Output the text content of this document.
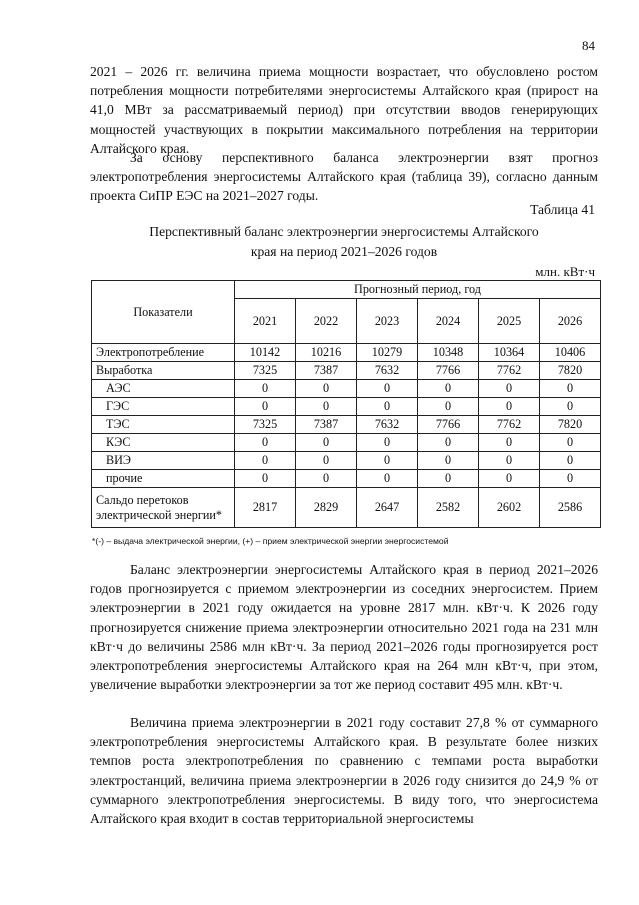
84

2021 – 2026 гг. величина приема мощности возрастает, что обусловлено ростом потребления мощности потребителями энергосистемы Алтайского края (прирост на 41,0 МВт за рассматриваемый период) при отсутствии вводов генерирующих мощностей участвующих в покрытии максимального потребления на территории Алтайского края.

За основу перспективного баланса электроэнергии взят прогноз электропотребления энергосистемы Алтайского края (таблица 39), согласно данным проекта СиПР ЕЭС на 2021–2027 годы.

Таблица 41
Перспективный баланс электроэнергии энергосистемы Алтайского
края на период 2021–2026 годов
млн. кВт·ч
Показатели	Прогнозный период, год					
	2021	2022	2023	2024	2025	2026
Электропотребление	10142	10216	10279	10348	10364	10406
Выработка	7325	7387	7632	7766	7762	7820
АЭС	0	0	0	0	0	0
ГЭС	0	0	0	0	0	0
ТЭС	7325	7387	7632	7766	7762	7820
КЭС	0	0	0	0	0	0
ВИЭ	0	0	0	0	0	0
прочие	0	0	0	0	0	0
Сальдо перетоков
электрической энергии*	2817	2829	2647	2582	2602	2586
*(-) – выдача электрической энергии, (+) – прием электрической энергии энергосистемой

Баланс электроэнергии энергосистемы Алтайского края в период 2021–2026 годов прогнозируется с приемом электроэнергии из соседних энергосистем. Прием электроэнергии в 2021 году ожидается на уровне 2817 млн. кВт·ч. К 2026 году прогнозируется снижение приема электроэнергии относительно 2021 года на 231 млн кВт·ч до величины 2586 млн кВт·ч. За период 2021–2026 годы прогнозируется рост электропотребления энергосистемы Алтайского края на 264 млн кВт·ч, при этом, увеличение выработки электроэнергии за тот же период составит 495 млн. кВт·ч.

Величина приема электроэнергии в 2021 году составит 27,8 % от суммарного электропотребления энергосистемы Алтайского края. В результате более низких темпов роста электропотребления по сравнению с темпами роста выработки электростанций, величина приема электроэнергии в 2026 году снизится до 24,9 % от суммарного электропотребления энергосистемы. В виду того, что энергосистема Алтайского края входит в состав территориальной энергосистемы
